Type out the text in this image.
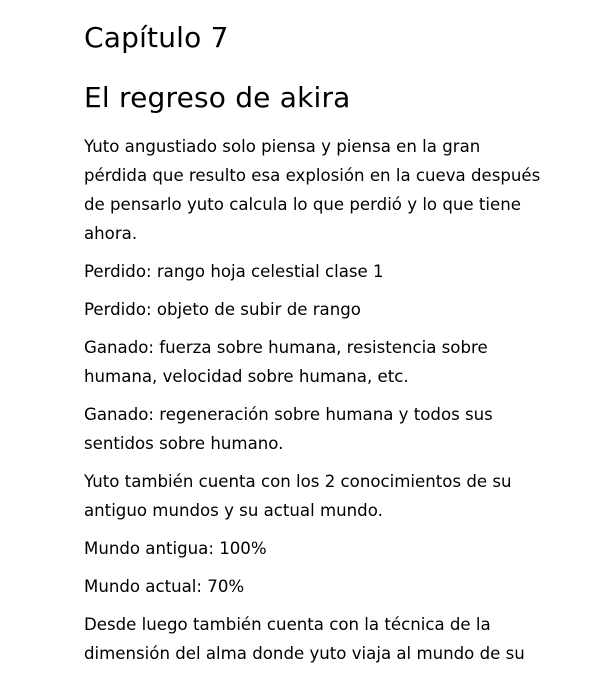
Capítulo 7
El regreso de akira

Yuto angustiado solo piensa y piensa en la gran
pérdida que resulto esa explosión en la cueva después
de pensarlo yuto calcula lo que perdió y lo que tiene
ahora.

Perdido: rango hoja celestial clase 1

Perdido: objeto de subir de rango

Ganado: fuerza sobre humana, resistencia sobre
humana, velocidad sobre humana, etc.

Ganado: regeneración sobre humana y todos sus
sentidos sobre humano.

Yuto también cuenta con los 2 conocimientos de su
antiguo mundos y su actual mundo.

Mundo antigua: 100%

Mundo actual: 70%

Desde luego también cuenta con la técnica de la
dimensión del alma donde yuto viaja al mundo de su
